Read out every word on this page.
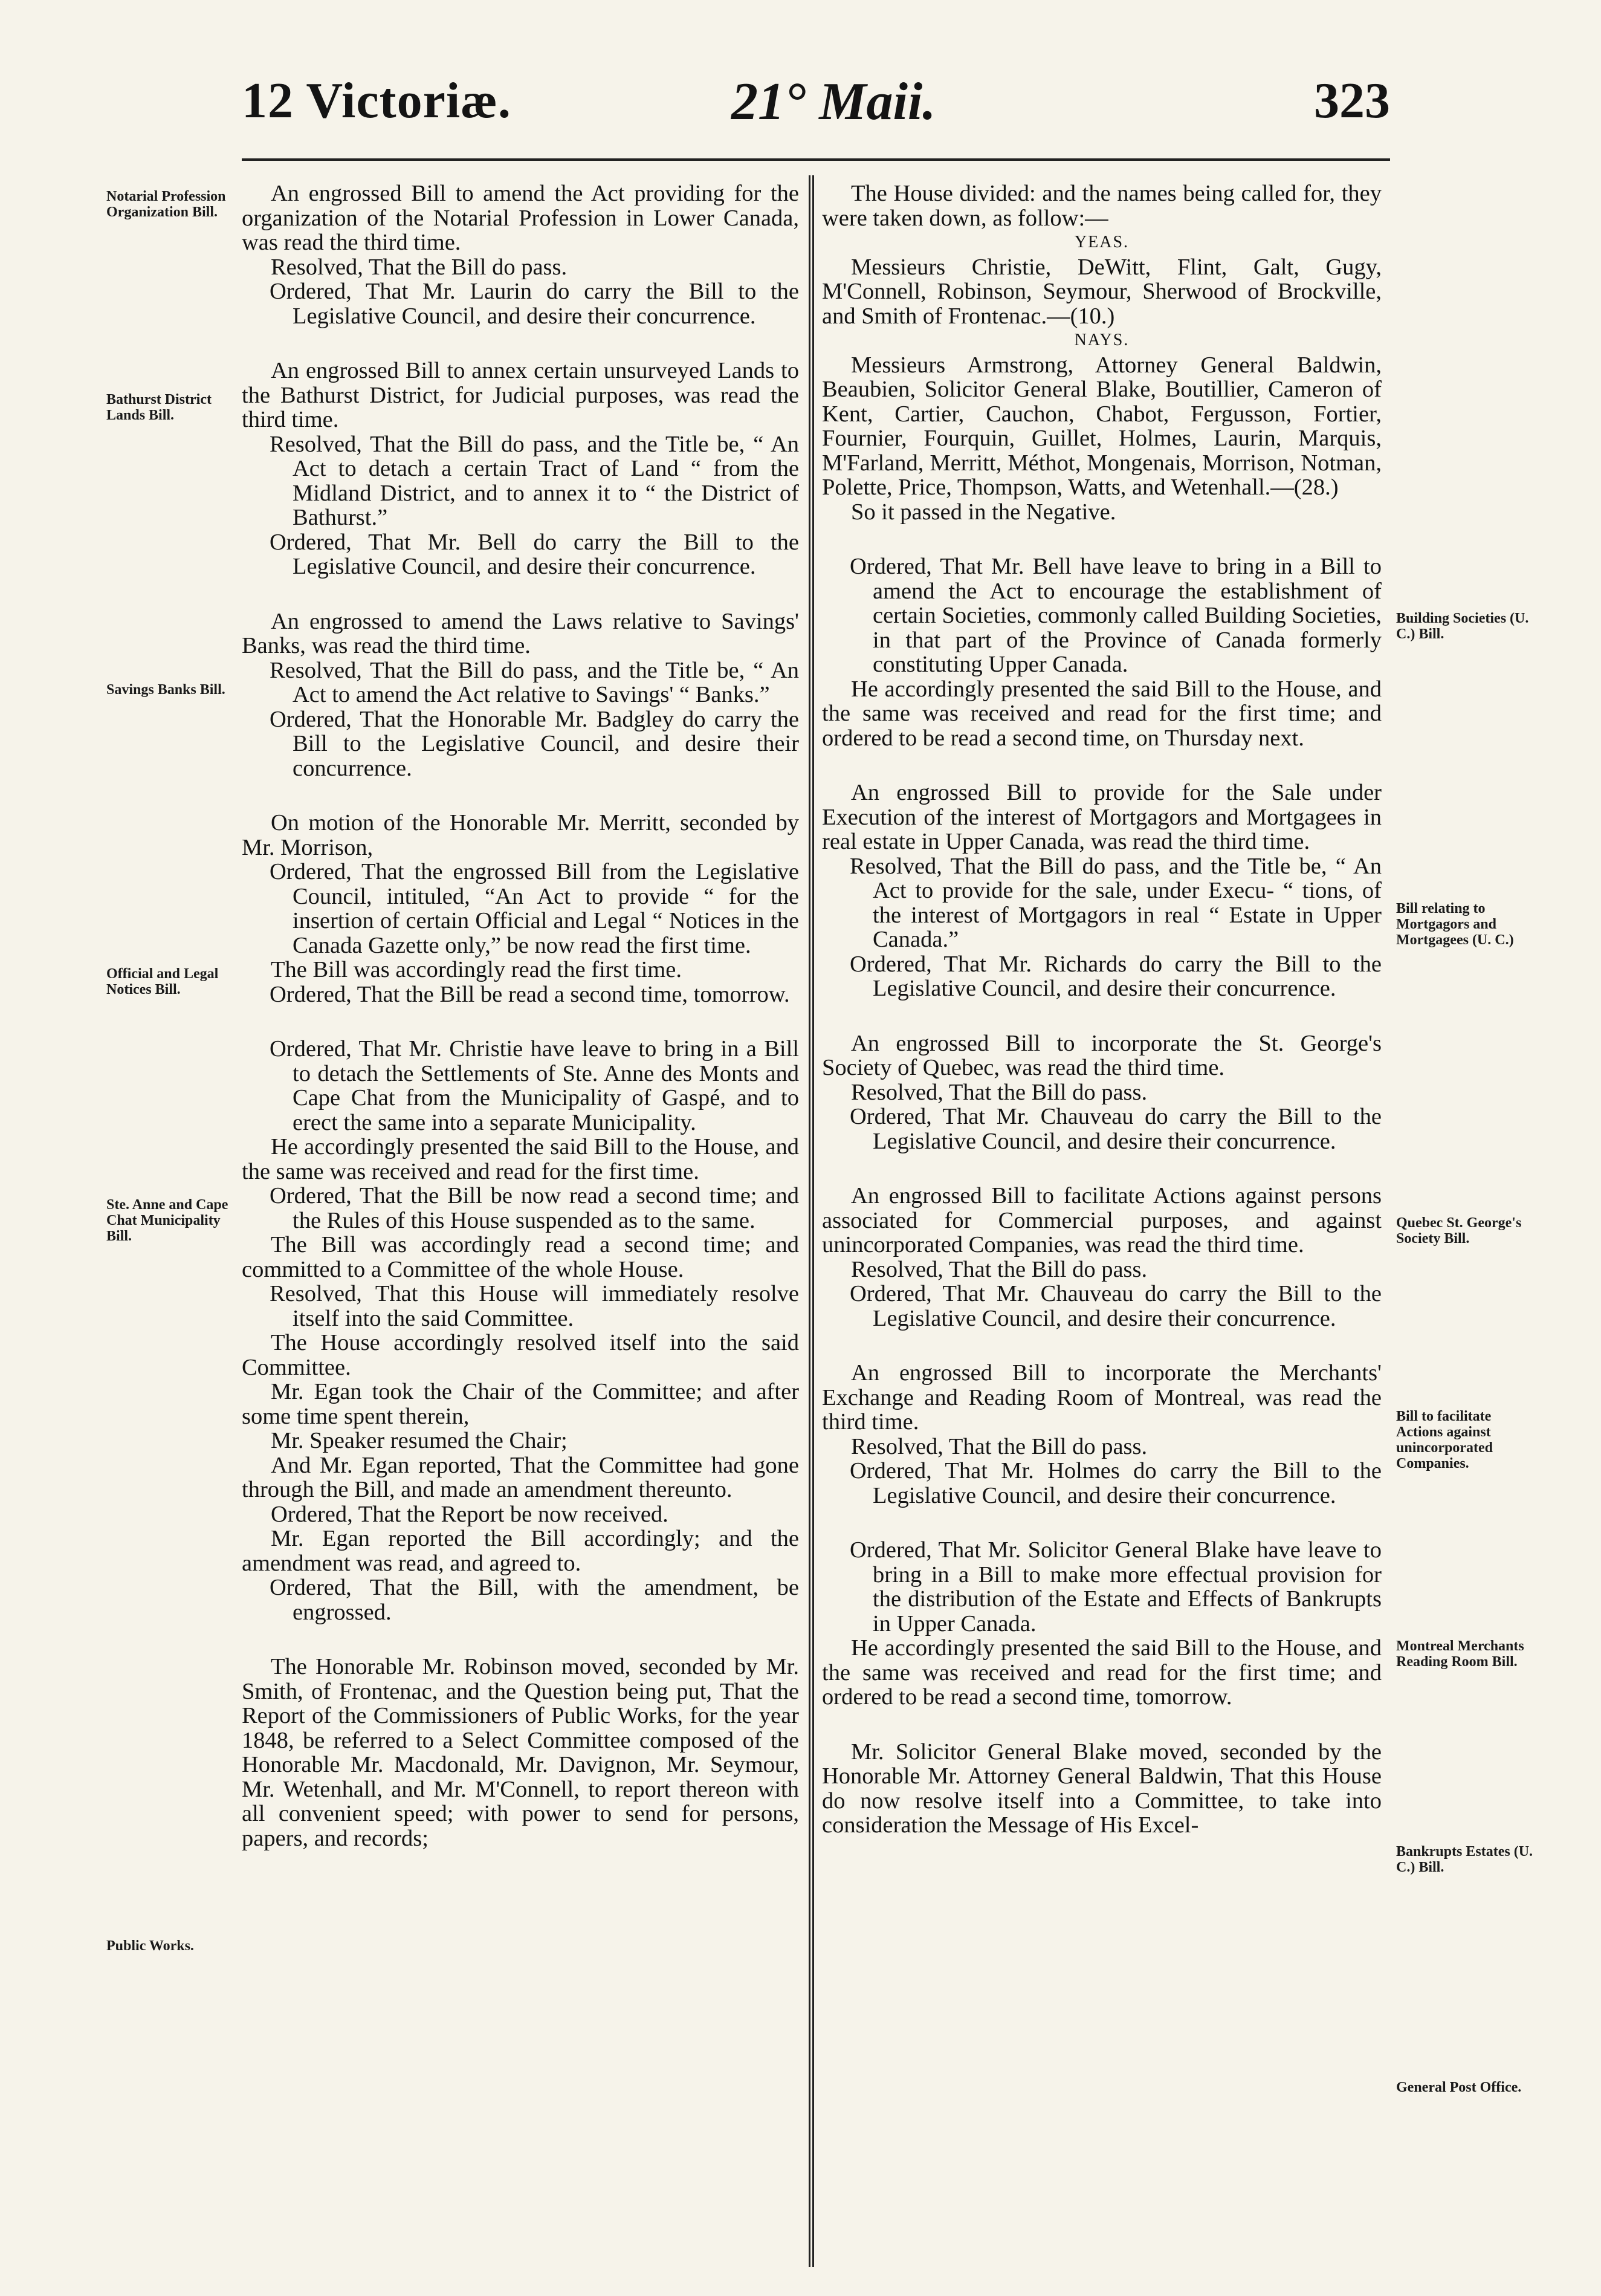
12 Victoriæ.	21° Maii.	323
Notarial Profession Organization Bill.
Bathurst District Lands Bill.
Savings Banks Bill.
Official and Legal Notices Bill.
Ste. Anne and Cape Chat Municipality Bill.
Public Works.
Building Societies (U. C.) Bill.
Bill relating to Mortgagors and Mortgagees (U. C.)
Quebec St. George's Society Bill.
Bill to facilitate Actions against unincorporated Companies.
Montreal Merchants Reading Room Bill.
Bankrupts Estates (U. C.) Bill.
General Post Office.

An engrossed Bill to amend the Act providing for the organization of the Notarial Profession in Lower Canada, was read the third time.

Resolved, That the Bill do pass.

Ordered, That Mr. Laurin do carry the Bill to the Legislative Council, and desire their concurrence.

An engrossed Bill to annex certain unsurveyed Lands to the Bathurst District, for Judicial purposes, was read the third time.

Resolved, That the Bill do pass, and the Title be, “ An Act to detach a certain Tract of Land “ from the Midland District, and to annex it to “ the District of Bathurst.”

Ordered, That Mr. Bell do carry the Bill to the Legislative Council, and desire their concurrence.

An engrossed to amend the Laws relative to Savings' Banks, was read the third time.

Resolved, That the Bill do pass, and the Title be, “ An Act to amend the Act relative to Savings' “ Banks.”

Ordered, That the Honorable Mr. Badgley do carry the Bill to the Legislative Council, and desire their concurrence.

On motion of the Honorable Mr. Merritt, seconded by Mr. Morrison,

Ordered, That the engrossed Bill from the Legislative Council, intituled, “An Act to provide “ for the insertion of certain Official and Legal “ Notices in the Canada Gazette only,” be now read the first time.

The Bill was accordingly read the first time.

Ordered, That the Bill be read a second time, tomorrow.

Ordered, That Mr. Christie have leave to bring in a Bill to detach the Settlements of Ste. Anne des Monts and Cape Chat from the Municipality of Gaspé, and to erect the same into a separate Municipality.

He accordingly presented the said Bill to the House, and the same was received and read for the first time.

Ordered, That the Bill be now read a second time; and the Rules of this House suspended as to the same.

The Bill was accordingly read a second time; and committed to a Committee of the whole House.

Resolved, That this House will immediately resolve itself into the said Committee.

The House accordingly resolved itself into the said Committee.

Mr. Egan took the Chair of the Committee; and after some time spent therein,

Mr. Speaker resumed the Chair;

And Mr. Egan reported, That the Committee had gone through the Bill, and made an amendment thereunto.

Ordered, That the Report be now received.

Mr. Egan reported the Bill accordingly; and the amendment was read, and agreed to.

Ordered, That the Bill, with the amendment, be engrossed.

The Honorable Mr. Robinson moved, seconded by Mr. Smith, of Frontenac, and the Question being put, That the Report of the Commissioners of Public Works, for the year 1848, be referred to a Select Committee composed of the Honorable Mr. Macdonald, Mr. Davignon, Mr. Seymour, Mr. Wetenhall, and Mr. M'Connell, to report thereon with all convenient speed; with power to send for persons, papers, and records;

The House divided: and the names being called for, they were taken down, as follow:—

YEAS.

Messieurs Christie, DeWitt, Flint, Galt, Gugy, M'Connell, Robinson, Seymour, Sherwood of Brockville, and Smith of Frontenac.—(10.)

NAYS.

Messieurs Armstrong, Attorney General Baldwin, Beaubien, Solicitor General Blake, Boutillier, Cameron of Kent, Cartier, Cauchon, Chabot, Fergusson, Fortier, Fournier, Fourquin, Guillet, Holmes, Laurin, Marquis, M'Farland, Merritt, Méthot, Mongenais, Morrison, Notman, Polette, Price, Thompson, Watts, and Wetenhall.—(28.)

So it passed in the Negative.

Ordered, That Mr. Bell have leave to bring in a Bill to amend the Act to encourage the establishment of certain Societies, commonly called Building Societies, in that part of the Province of Canada formerly constituting Upper Canada.

He accordingly presented the said Bill to the House, and the same was received and read for the first time; and ordered to be read a second time, on Thursday next.

An engrossed Bill to provide for the Sale under Execution of the interest of Mortgagors and Mortgagees in real estate in Upper Canada, was read the third time.

Resolved, That the Bill do pass, and the Title be, “ An Act to provide for the sale, under Execu- “ tions, of the interest of Mortgagors in real “ Estate in Upper Canada.”

Ordered, That Mr. Richards do carry the Bill to the Legislative Council, and desire their concurrence.

An engrossed Bill to incorporate the St. George's Society of Quebec, was read the third time.

Resolved, That the Bill do pass.

Ordered, That Mr. Chauveau do carry the Bill to the Legislative Council, and desire their concurrence.

An engrossed Bill to facilitate Actions against persons associated for Commercial purposes, and against unincorporated Companies, was read the third time.

Resolved, That the Bill do pass.

Ordered, That Mr. Chauveau do carry the Bill to the Legislative Council, and desire their concurrence.

An engrossed Bill to incorporate the Merchants' Exchange and Reading Room of Montreal, was read the third time.

Resolved, That the Bill do pass.

Ordered, That Mr. Holmes do carry the Bill to the Legislative Council, and desire their concurrence.

Ordered, That Mr. Solicitor General Blake have leave to bring in a Bill to make more effectual provision for the distribution of the Estate and Effects of Bankrupts in Upper Canada.

He accordingly presented the said Bill to the House, and the same was received and read for the first time; and ordered to be read a second time, tomorrow.

Mr. Solicitor General Blake moved, seconded by the Honorable Mr. Attorney General Baldwin, That this House do now resolve itself into a Committee, to take into consideration the Message of His Excel-
